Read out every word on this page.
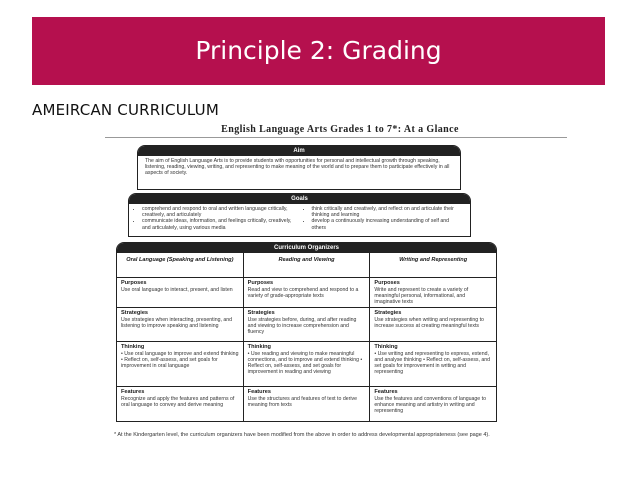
Principle 2: Grading
AMEIRCAN CURRICULUM
English Language Arts Grades 1 to 7*: At a Glance
Aim
The aim of English Language Arts is to provide students with opportunities for personal and intellectual growth through speaking, listening, reading, viewing, writing, and representing to make meaning of the world and to prepare them to participate effectively in all aspects of society.
Goals
• comprehend and respond to oral and written language critically, creatively, and articulately
• communicate ideas, information, and feelings critically, creatively, and articulately, using various media
• think critically and creatively, and reflect on and articulate their thinking and learning
• develop a continuously increasing understanding of self and others
Curriculum Organizers
Oral Language (Speaking and Listening)	Reading and Viewing	Writing and Representing
Purposes
Use oral language to interact, present, and listen
Purposes
Read and view to comprehend and respond to a variety of grade-appropriate texts
Purposes
Write and represent to create a variety of meaningful personal, informational, and imaginative texts
Strategies
Use strategies when interacting, presenting, and listening to improve speaking and listening
Strategies
Use strategies before, during, and after reading and viewing to increase comprehension and fluency
Strategies
Use strategies when writing and representing to increase success at creating meaningful texts
Thinking
• Use oral language to improve and extend thinking • Reflect on, self-assess, and set goals for improvement in oral language
Thinking
• Use reading and viewing to make meaningful connections, and to improve and extend thinking • Reflect on, self-assess, and set goals for improvement in reading and viewing
Thinking
• Use writing and representing to express, extend, and analyse thinking • Reflect on, self-assess, and set goals for improvement in writing and representing
Features
Recognize and apply the features and patterns of oral language to convey and derive meaning
Features
Use the structures and features of text to derive meaning from texts
Features
Use the features and conventions of language to enhance meaning and artistry in writing and representing
* At the Kindergarten level, the curriculum organizers have been modified from the above in order to address developmental appropriateness (see page 4).
